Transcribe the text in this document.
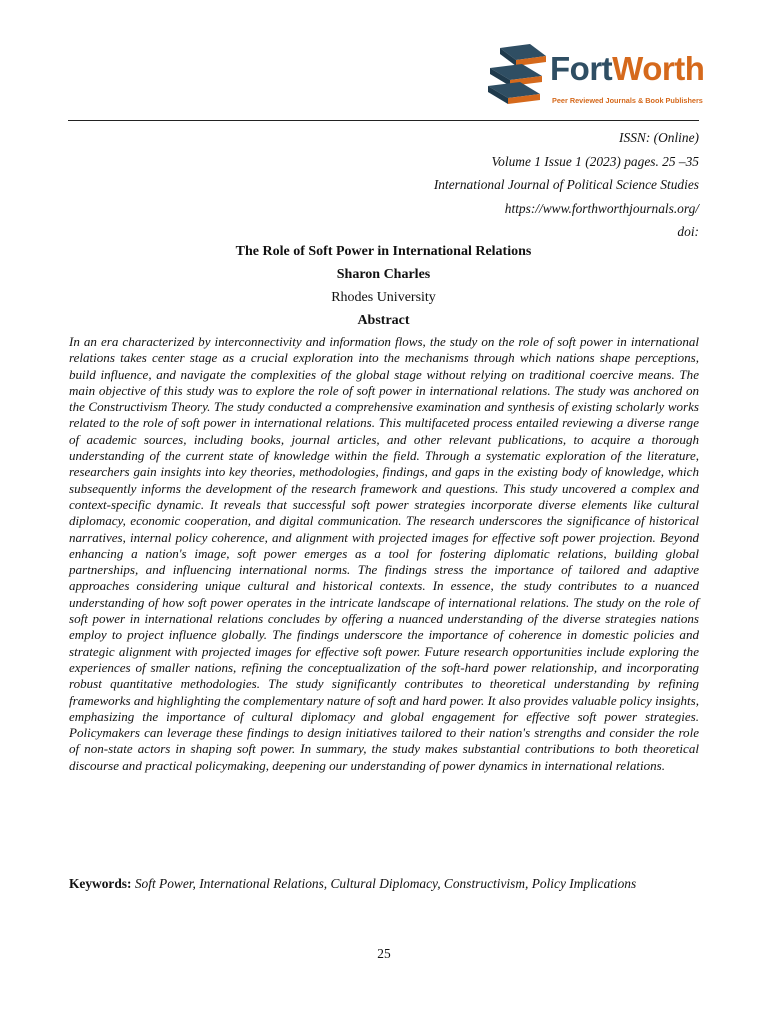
FortWorth
Peer Reviewed Journals & Book Publishers
ISSN: (Online)
Volume 1 Issue 1 (2023) pages. 25 –35
International Journal of Political Science Studies
https://www.forthworthjournals.org/
doi:
The Role of Soft Power in International Relations
Sharon Charles
Rhodes University
Abstract

In an era characterized by interconnectivity and information flows, the study on the role of soft power in international relations takes center stage as a crucial exploration into the mechanisms through which nations shape perceptions, build influence, and navigate the complexities of the global stage without relying on traditional coercive means. The main objective of this study was to explore the role of soft power in international relations. The study was anchored on the Constructivism Theory. The study conducted a comprehensive examination and synthesis of existing scholarly works related to the role of soft power in international relations. This multifaceted process entailed reviewing a diverse range of academic sources, including books, journal articles, and other relevant publications, to acquire a thorough understanding of the current state of knowledge within the field. Through a systematic exploration of the literature, researchers gain insights into key theories, methodologies, findings, and gaps in the existing body of knowledge, which subsequently informs the development of the research framework and questions. This study uncovered a complex and context-specific dynamic. It reveals that successful soft power strategies incorporate diverse elements like cultural diplomacy, economic cooperation, and digital communication. The research underscores the significance of historical narratives, internal policy coherence, and alignment with projected images for effective soft power projection. Beyond enhancing a nation's image, soft power emerges as a tool for fostering diplomatic relations, building global partnerships, and influencing international norms. The findings stress the importance of tailored and adaptive approaches considering unique cultural and historical contexts. In essence, the study contributes to a nuanced understanding of how soft power operates in the intricate landscape of international relations. The study on the role of soft power in international relations concludes by offering a nuanced understanding of the diverse strategies nations employ to project influence globally. The findings underscore the importance of coherence in domestic policies and strategic alignment with projected images for effective soft power. Future research opportunities include exploring the experiences of smaller nations, refining the conceptualization of the soft-hard power relationship, and incorporating robust quantitative methodologies. The study significantly contributes to theoretical understanding by refining frameworks and highlighting the complementary nature of soft and hard power. It also provides valuable policy insights, emphasizing the importance of cultural diplomacy and global engagement for effective soft power strategies. Policymakers can leverage these findings to design initiatives tailored to their nation's strengths and consider the role of non-state actors in shaping soft power. In summary, the study makes substantial contributions to both theoretical discourse and practical policymaking, deepening our understanding of power dynamics in international relations.

Keywords: Soft Power, International Relations, Cultural Diplomacy, Constructivism, Policy Implications
25
